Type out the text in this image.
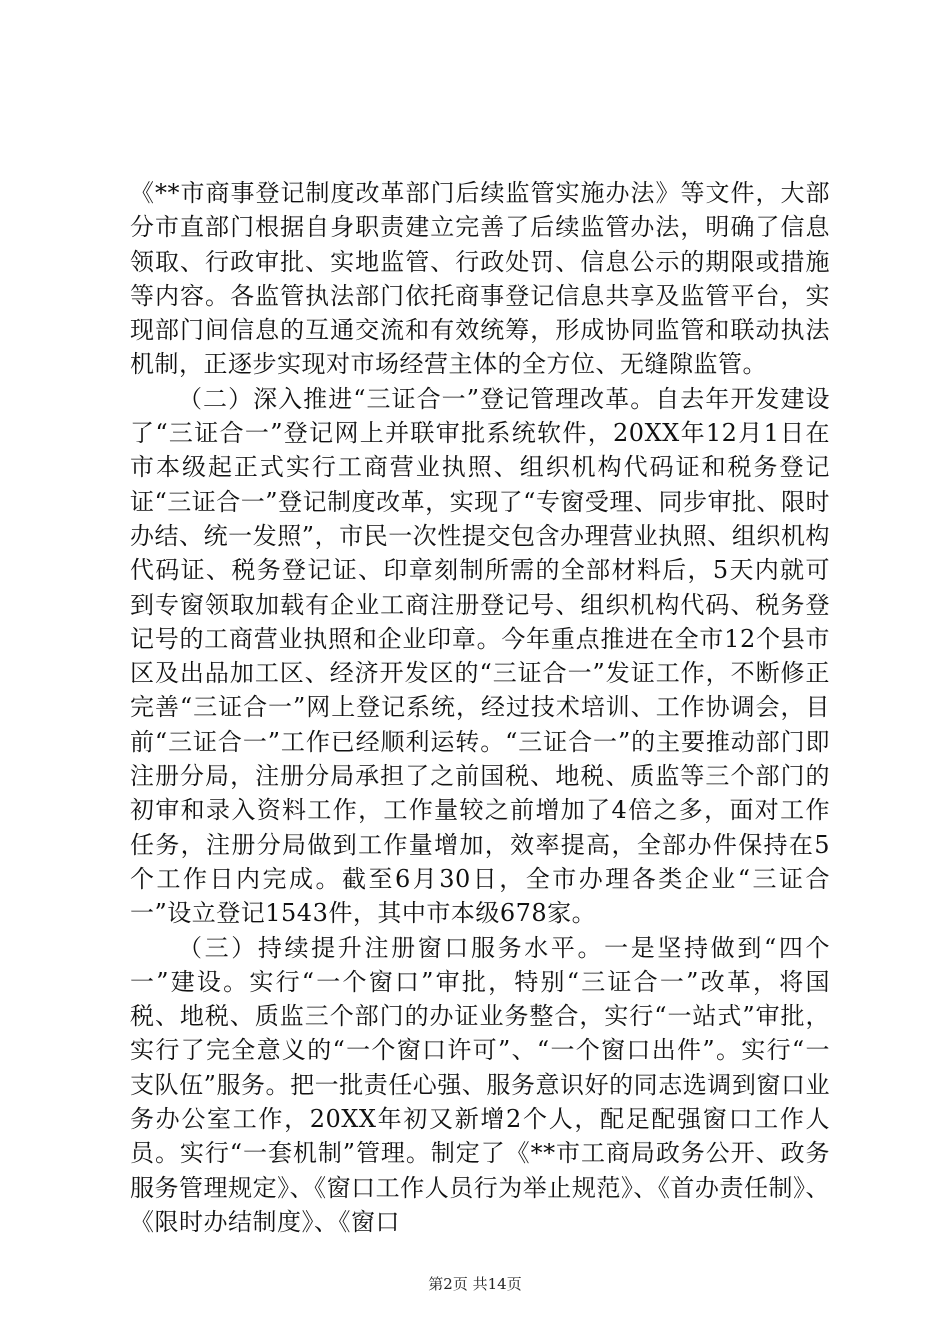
《**市商事登记制度改革部门后续监管实施办法》等文件，大部分市直部门根据自身职责建立完善了后续监管办法，明确了信息领取、行政审批、实地监管、行政处罚、信息公示的期限或措施等内容。各监管执法部门依托商事登记信息共享及监管平台，实现部门间信息的互通交流和有效统筹，形成协同监管和联动执法机制，正逐步实现对市场经营主体的全方位、无缝隙监管。

（二）深入推进“三证合一”登记管理改革。自去年开发建设了“三证合一”登记网上并联审批系统软件，20XX年12月1日在市本级起正式实行工商营业执照、组织机构代码证和税务登记证“三证合一”登记制度改革，实现了“专窗受理、同步审批、限时办结、统一发照”，市民一次性提交包含办理营业执照、组织机构代码证、税务登记证、印章刻制所需的全部材料后，5天内就可到专窗领取加载有企业工商注册登记号、组织机构代码、税务登记号的工商营业执照和企业印章。今年重点推进在全市12个县市区及出品加工区、经济开发区的“三证合一”发证工作，不断修正完善“三证合一”网上登记系统，经过技术培训、工作协调会，目前“三证合一”工作已经顺利运转。“三证合一”的主要推动部门即注册分局，注册分局承担了之前国税、地税、质监等三个部门的初审和录入资料工作，工作量较之前增加了4倍之多，面对工作任务，注册分局做到工作量增加，效率提高，全部办件保持在5个工作日内完成。截至6月30日，全市办理各类企业“三证合一”设立登记1543件，其中市本级678家。

（三）持续提升注册窗口服务水平。一是坚持做到“四个一”建设。实行“一个窗口”审批，特别“三证合一”改革，将国税、地税、质监三个部门的办证业务整合，实行“一站式”审批，实行了完全意义的“一个窗口许可”、“一个窗口出件”。实行“一支队伍”服务。把一批责任心强、服务意识好的同志选调到窗口业务办公室工作，20XX年初又新增2个人，配足配强窗口工作人员。实行“一套机制”管理。制定了《**市工商局政务公开、政务服务管理规定》、《窗口工作人员行为举止规范》、《首办责任制》、《限时办结制度》、《窗口

第2页 共14页
